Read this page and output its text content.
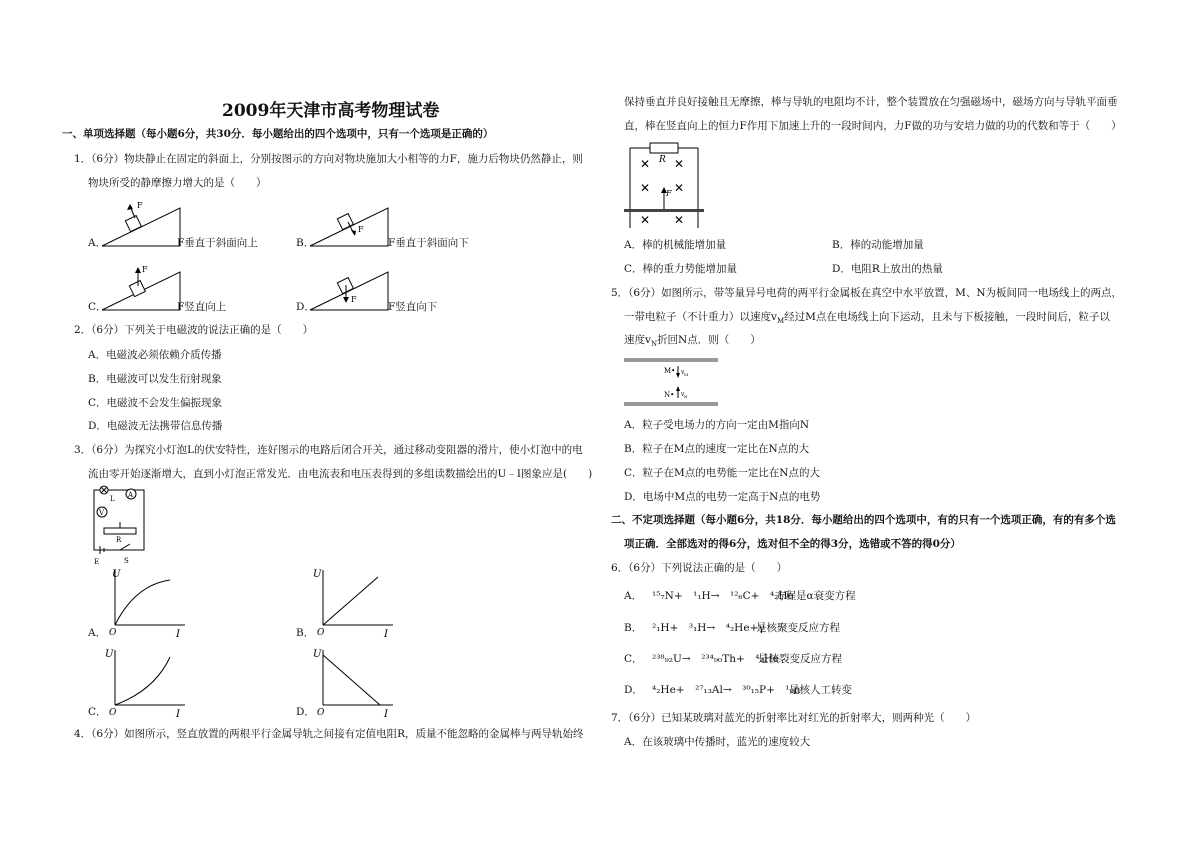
2009年天津市高考物理试卷
一、单项选择题（每小题6分，共30分．每小题给出的四个选项中，只有一个选项是正确的）
1．（6分）物块静止在固定的斜面上，分别按图示的方向对物块施加大小相等的力F，施力后物块仍然静止，则
物块所受的静摩擦力增大的是（　　）
F
A．	F垂直于斜面向上
F
B．	F垂直于斜面向下
F
C．	F竖直向上
F
D．	F竖直向下
2．（6分）下列关于电磁波的说法正确的是（　　）
A．电磁波必须依赖介质传播
B．电磁波可以发生衍射现象
C．电磁波不会发生偏振现象
D．电磁波无法携带信息传播
3．（6分）为探究小灯泡L的伏安特性，连好图示的电路后闭合开关，通过移动变阻器的滑片，使小灯泡中的电
流由零开始逐渐增大，直到小灯泡正常发光．由电流表和电压表得到的多组读数描绘出的U﹣I图象应是(　　)
L A
V
R
E	S
U
I
O
A．
U
I
O
B．
U
I
O
C．
U
I
O
D．
4．（6分）如图所示，竖直放置的两根平行金属导轨之间接有定值电阻R，质量不能忽略的金属棒与两导轨始终
保持垂直并良好接触且无摩擦，棒与导轨的电阻均不计，整个装置放在匀强磁场中，磁场方向与导轨平面垂
直，棒在竖直向上的恒力F作用下加速上升的一段时间内，力F做的功与安培力做的功的代数和等于（　　）
R
✕ ✕
✕ ✕
✕ ✕
F
A．棒的机械能增加量	B．棒的动能增加量
C．棒的重力势能增加量	D．电阻R上放出的热量
5．（6分）如图所示，带等量异号电荷的两平行金属板在真空中水平放置，M、N为板间同一电场线上的两点，
一带电粒子（不计重力）以速度$v_M$经过M点在电场线上向下运动，且未与下板接触，一段时间后，粒子以
速度$v_N$折回N点．则（　　）
M• v M
N• v N
A．粒子受电场力的方向一定由M指向N
B．粒子在M点的速度一定比在N点的大
C．粒子在M点的电势能一定比在N点的大
D．电场中M点的电势一定高于N点的电势
二、不定项选择题（每小题6分，共18分．每小题给出的四个选项中，有的只有一个选项正确，有的有多个选
项正确．全部选对的得6分，选对但不全的得3分，选错或不答的得0分）
6．（6分）下列说法正确的是（　　）
A． ¹⁵₇N+　¹₁H→　¹²₆C+　⁴₂He
方程是α衰变方程
B． ²₁H+　³₁H→　⁴₂He+γ
是核聚变反应方程
C． ²³⁸₉₂U→　²³⁴₉₀Th+　⁴₂He
是核裂变反应方程
D． ⁴₂He+　²⁷₁₃Al→　³⁰₁₅P+　¹₀n
是核人工转变
7．（6分）已知某玻璃对蓝光的折射率比对红光的折射率大，则两种光（　　）
A．在该玻璃中传播时，蓝光的速度较大
